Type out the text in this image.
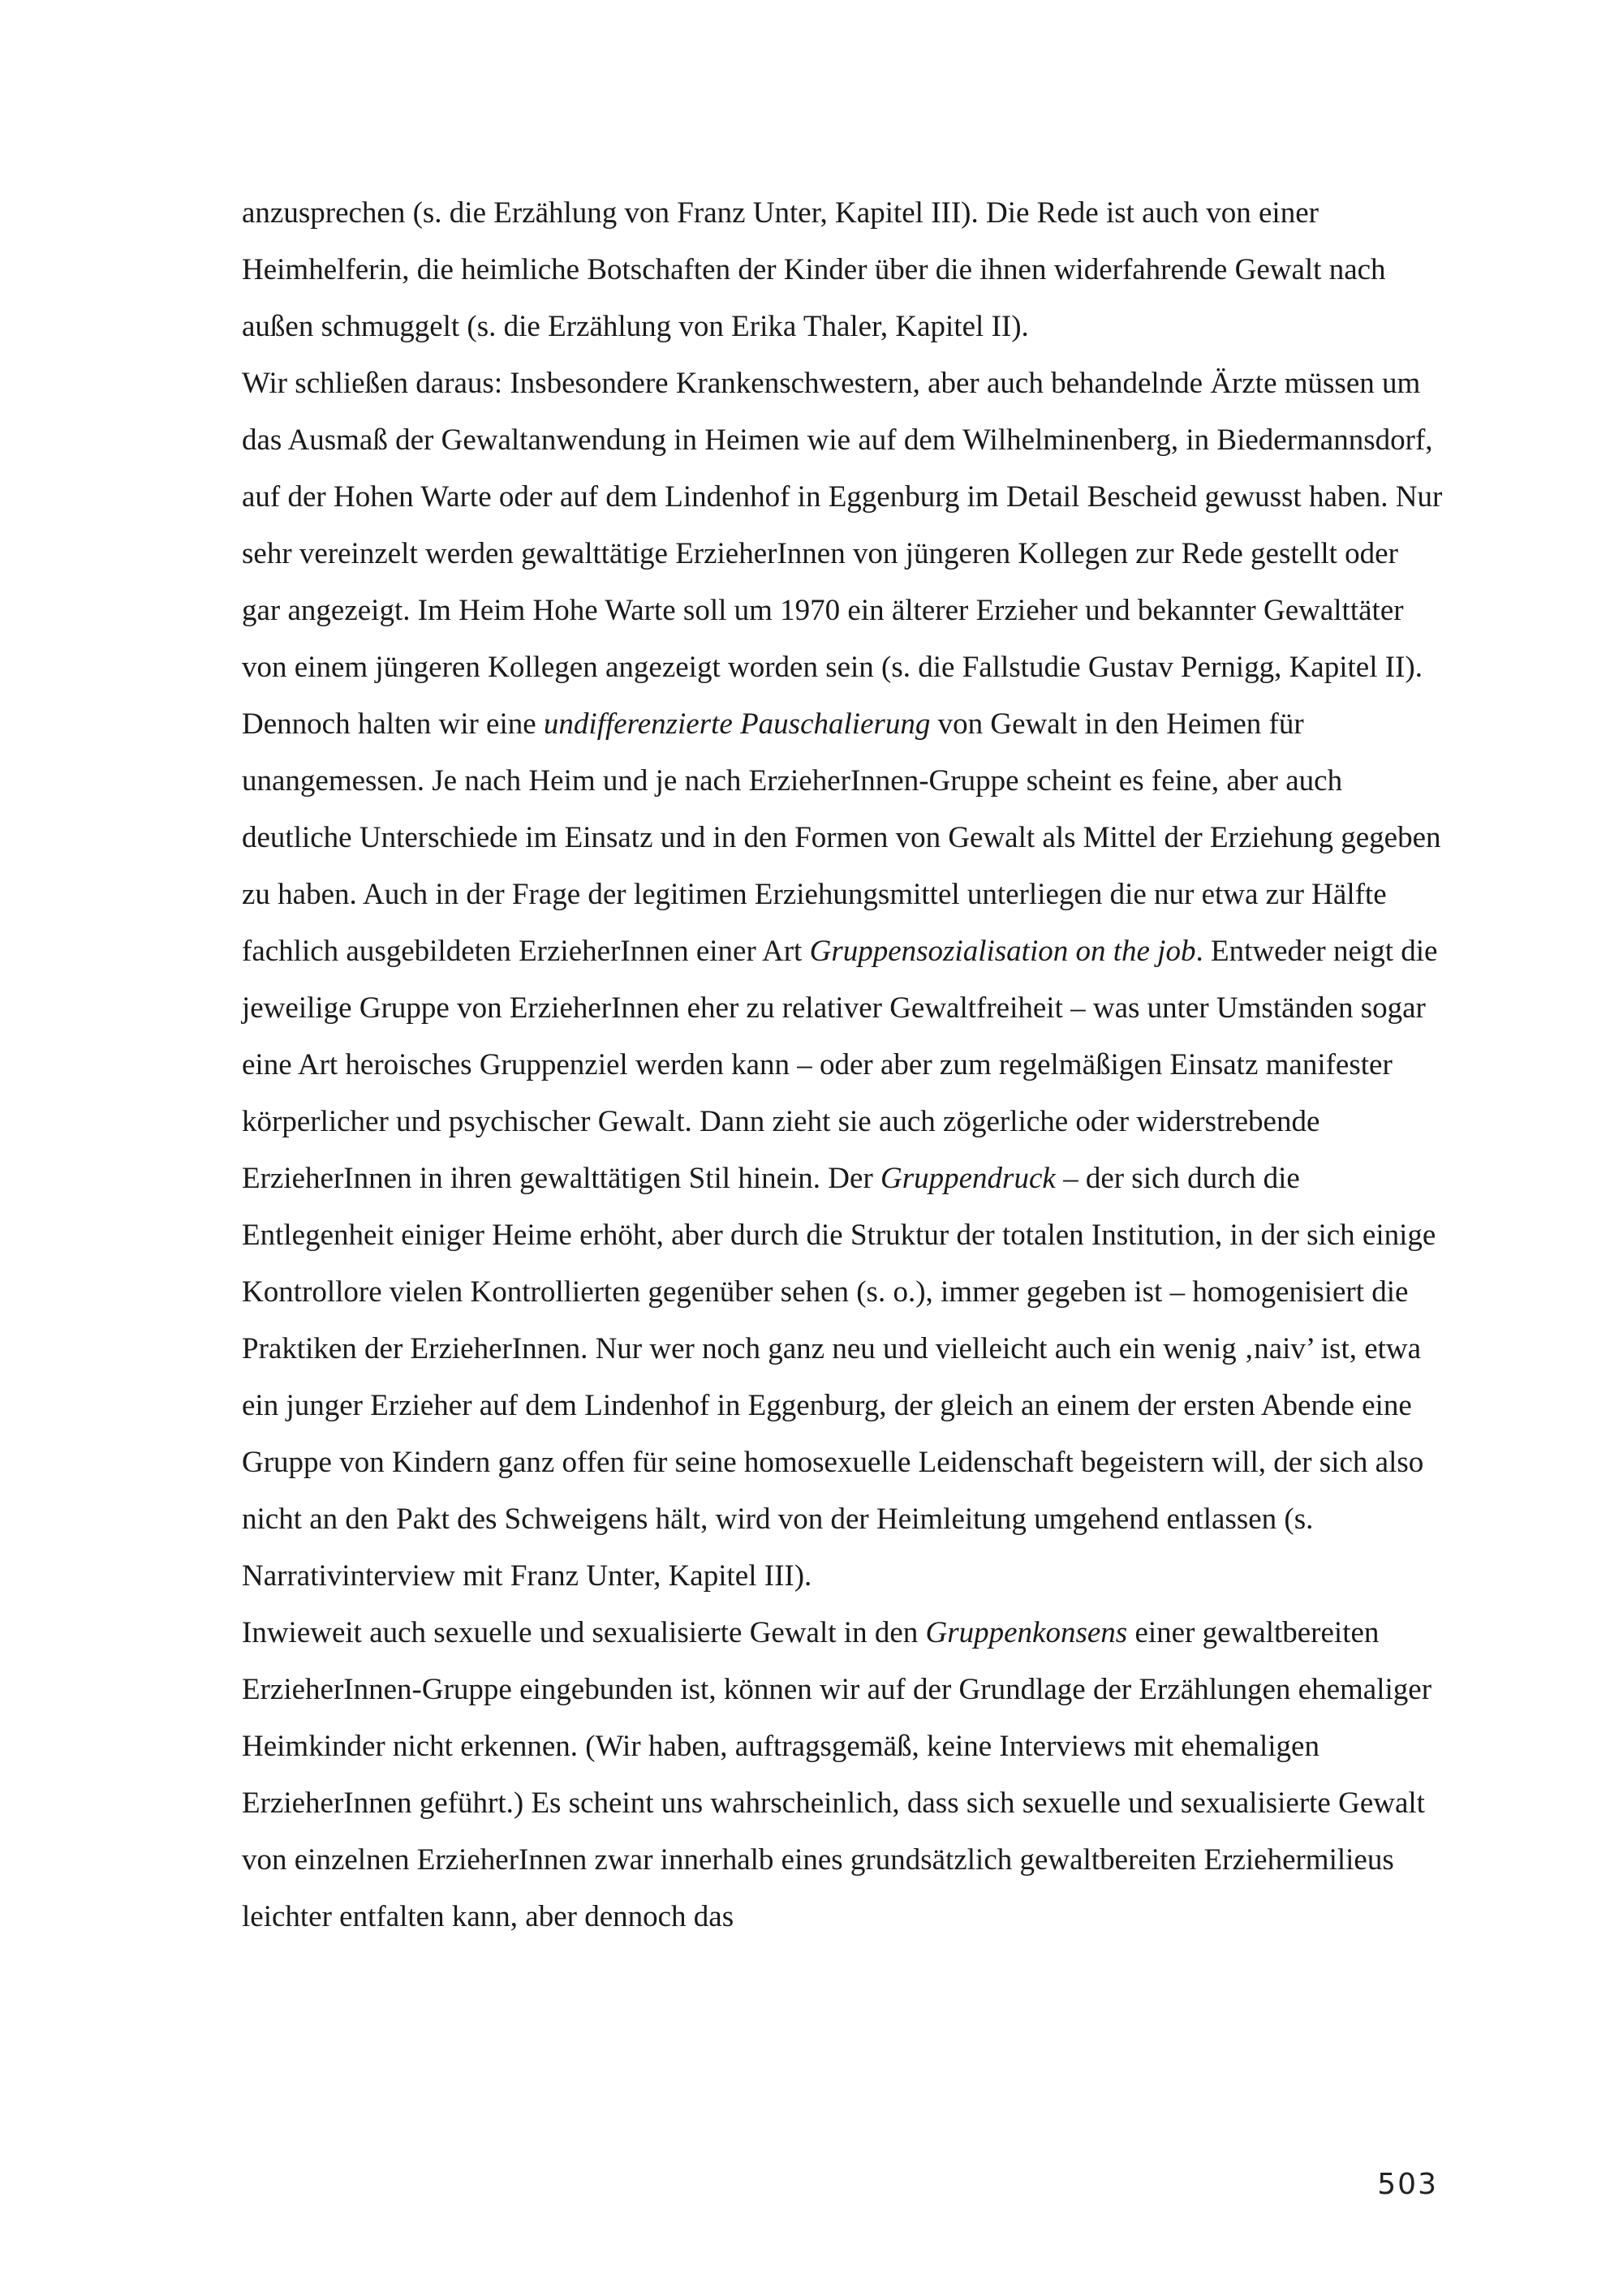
anzusprechen (s. die Erzählung von Franz Unter, Kapitel III). Die Rede ist auch von einer Heimhelferin, die heimliche Botschaften der Kinder über die ihnen widerfahrende Gewalt nach außen schmuggelt (s. die Erzählung von Erika Thaler, Kapitel II).

Wir schließen daraus: Insbesondere Krankenschwestern, aber auch behandelnde Ärzte müssen um das Ausmaß der Gewaltanwendung in Heimen wie auf dem Wilhelminenberg, in Biedermannsdorf, auf der Hohen Warte oder auf dem Lindenhof in Eggenburg im Detail Bescheid gewusst haben. Nur sehr vereinzelt werden gewalttätige ErzieherInnen von jüngeren Kollegen zur Rede gestellt oder gar angezeigt. Im Heim Hohe Warte soll um 1970 ein älterer Erzieher und bekannter Gewalttäter von einem jüngeren Kollegen angezeigt worden sein (s. die Fallstudie Gustav Pernigg, Kapitel II).

Dennoch halten wir eine undifferenzierte Pauschalierung von Gewalt in den Heimen für unangemessen. Je nach Heim und je nach ErzieherInnen-Gruppe scheint es feine, aber auch deutliche Unterschiede im Einsatz und in den Formen von Gewalt als Mittel der Erziehung gegeben zu haben. Auch in der Frage der legitimen Erziehungsmittel unterliegen die nur etwa zur Hälfte fachlich ausgebildeten ErzieherInnen einer Art Gruppensozialisation on the job. Entweder neigt die jeweilige Gruppe von ErzieherInnen eher zu relativer Gewaltfreiheit – was unter Umständen sogar eine Art heroisches Gruppenziel werden kann – oder aber zum regelmäßigen Einsatz manifester körperlicher und psychischer Gewalt. Dann zieht sie auch zögerliche oder widerstrebende ErzieherInnen in ihren gewalttätigen Stil hinein. Der Gruppendruck – der sich durch die Entlegenheit einiger Heime erhöht, aber durch die Struktur der totalen Institution, in der sich einige Kontrollore vielen Kontrollierten gegenüber sehen (s. o.), immer gegeben ist – homogenisiert die Praktiken der ErzieherInnen. Nur wer noch ganz neu und vielleicht auch ein wenig ‚naiv’ ist, etwa ein junger Erzieher auf dem Lindenhof in Eggenburg, der gleich an einem der ersten Abende eine Gruppe von Kindern ganz offen für seine homosexuelle Leidenschaft begeistern will, der sich also nicht an den Pakt des Schweigens hält, wird von der Heimleitung umgehend entlassen (s. Narrativinterview mit Franz Unter, Kapitel III).

Inwieweit auch sexuelle und sexualisierte Gewalt in den Gruppenkonsens einer gewaltbereiten ErzieherInnen-Gruppe eingebunden ist, können wir auf der Grundlage der Erzählungen ehemaliger Heimkinder nicht erkennen. (Wir haben, auftragsgemäß, keine Interviews mit ehemaligen ErzieherInnen geführt.) Es scheint uns wahrscheinlich, dass sich sexuelle und sexualisierte Gewalt von einzelnen ErzieherInnen zwar innerhalb eines grundsätzlich gewaltbereiten Erziehermilieus leichter entfalten kann, aber dennoch das

503
